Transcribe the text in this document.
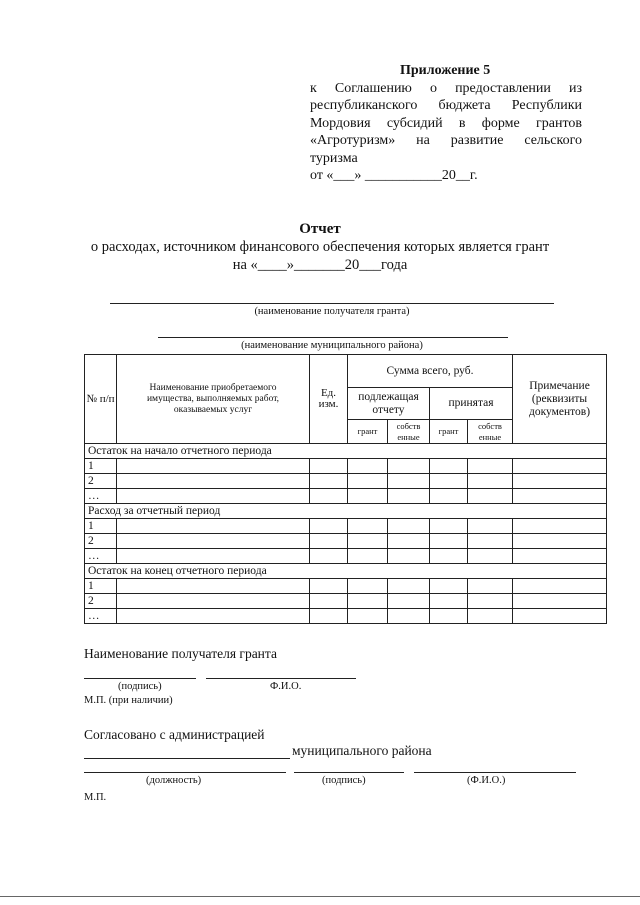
Приложение 5
к Соглашению о предоставлении из
республиканского бюджета Республики
Мордовия субсидий в форме грантов
«Агротуризм» на развитие сельского
туризма
от «___» ___________20__г.
Отчет
о расходах, источником финансового обеспечения которых является грант
на «____»_______20___года
(наименование получателя гранта)
(наименование муниципального района)
№ п/п	Наименование приобретаемого имущества, выполняемых работ, оказываемых услуг	Ед. изм.	Сумма всего, руб.				Примечание (реквизиты документов)
			подлежащая отчету		принятая		
			грант	собств енные	грант	собств енные	
Остаток на начало отчетного периода							
1							
2							
…							
Расход за отчетный период							
1							
2							
…							
Остаток на конец отчетного периода							
1							
2							
…							
Наименование получателя гранта
(подпись)	Ф.И.О.
М.П. (при наличии)
Согласовано с администрацией
муниципального района
(должность)	(подпись)	(Ф.И.О.)
М.П.
